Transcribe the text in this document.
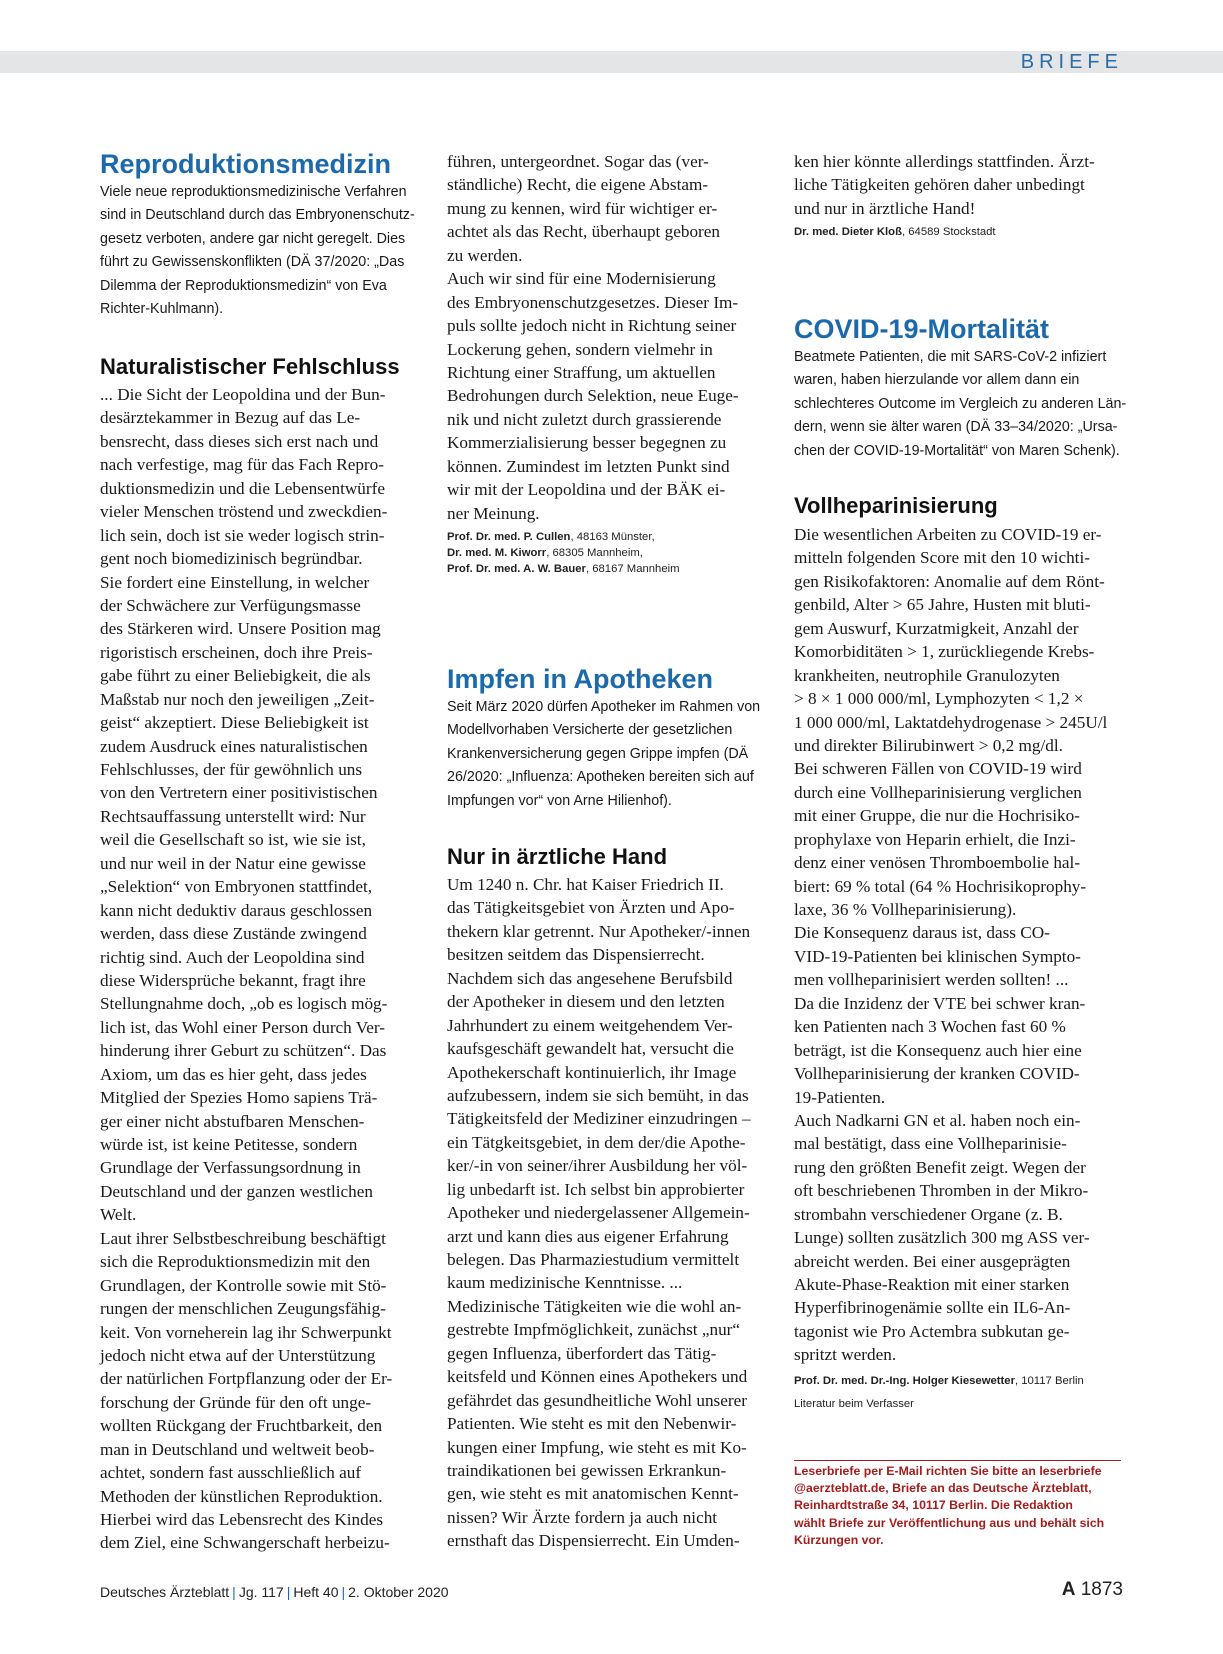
BRIEFE
Reproduktionsmedizin
Viele neue reproduktionsmedizinische Verfahren
sind in Deutschland durch das Embryonenschutz-
gesetz verboten, andere gar nicht geregelt. Dies
führt zu Gewissenskonflikten (DÄ 37/2020: „Das
Dilemma der Reproduktionsmedizin“ von Eva
Richter-Kuhlmann).
Naturalistischer Fehlschluss
... Die Sicht der Leopoldina und der Bun-
desärztekammer in Bezug auf das Le-
bensrecht, dass dieses sich erst nach und
nach verfestige, mag für das Fach Repro-
duktionsmedizin und die Lebensentwürfe
vieler Menschen tröstend und zweckdien-
lich sein, doch ist sie weder logisch strin-
gent noch biomedizinisch begründbar.
Sie fordert eine Einstellung, in welcher
der Schwächere zur Verfügungsmasse
des Stärkeren wird. Unsere Position mag
rigoristisch erscheinen, doch ihre Preis-
gabe führt zu einer Beliebigkeit, die als
Maßstab nur noch den jeweiligen „Zeit-
geist“ akzeptiert. Diese Beliebigkeit ist
zudem Ausdruck eines naturalistischen
Fehlschlusses, der für gewöhnlich uns
von den Vertretern einer positivistischen
Rechtsauffassung unterstellt wird: Nur
weil die Gesellschaft so ist, wie sie ist,
und nur weil in der Natur eine gewisse
„Selektion“ von Embryonen stattfindet,
kann nicht deduktiv daraus geschlossen
werden, dass diese Zustände zwingend
richtig sind. Auch der Leopoldina sind
diese Widersprüche bekannt, fragt ihre
Stellungnahme doch, „ob es logisch mög-
lich ist, das Wohl einer Person durch Ver-
hinderung ihrer Geburt zu schützen“. Das
Axiom, um das es hier geht, dass jedes
Mitglied der Spezies Homo sapiens Trä-
ger einer nicht abstufbaren Menschen-
würde ist, ist keine Petitesse, sondern
Grundlage der Verfassungsordnung in
Deutschland und der ganzen westlichen
Welt.
Laut ihrer Selbstbeschreibung beschäftigt
sich die Reproduktionsmedizin mit den
Grundlagen, der Kontrolle sowie mit Stö-
rungen der menschlichen Zeugungsfähig-
keit. Von vorneherein lag ihr Schwerpunkt
jedoch nicht etwa auf der Unterstützung
der natürlichen Fortpflanzung oder der Er-
forschung der Gründe für den oft unge-
wollten Rückgang der Fruchtbarkeit, den
man in Deutschland und weltweit beob-
achtet, sondern fast ausschließlich auf
Methoden der künstlichen Reproduktion.
Hierbei wird das Lebensrecht des Kindes
dem Ziel, eine Schwangerschaft herbeizu-
führen, untergeordnet. Sogar das (ver-
ständliche) Recht, die eigene Abstam-
mung zu kennen, wird für wichtiger er-
achtet als das Recht, überhaupt geboren
zu werden.
Auch wir sind für eine Modernisierung
des Embryonenschutzgesetzes. Dieser Im-
puls sollte jedoch nicht in Richtung seiner
Lockerung gehen, sondern vielmehr in
Richtung einer Straffung, um aktuellen
Bedrohungen durch Selektion, neue Euge-
nik und nicht zuletzt durch grassierende
Kommerzialisierung besser begegnen zu
können. Zumindest im letzten Punkt sind
wir mit der Leopoldina und der BÄK ei-
ner Meinung.
Prof. Dr. med. P. Cullen, 48163 Münster,
Dr. med. M. Kiworr, 68305 Mannheim,
Prof. Dr. med. A. W. Bauer, 68167 Mannheim
Impfen in Apotheken
Seit März 2020 dürfen Apotheker im Rahmen von
Modellvorhaben Versicherte der gesetzlichen
Krankenversicherung gegen Grippe impfen (DÄ
26/2020: „Influenza: Apotheken bereiten sich auf
Impfungen vor“ von Arne Hilienhof).
Nur in ärztliche Hand
Um 1240 n. Chr. hat Kaiser Friedrich II.
das Tätigkeitsgebiet von Ärzten und Apo-
thekern klar getrennt. Nur Apotheker/-innen
besitzen seitdem das Dispensierrecht.
Nachdem sich das angesehene Berufsbild
der Apotheker in diesem und den letzten
Jahrhundert zu einem weitgehendem Ver-
kaufsgeschäft gewandelt hat, versucht die
Apothekerschaft kontinuierlich, ihr Image
aufzubessern, indem sie sich bemüht, in das
Tätigkeitsfeld der Mediziner einzudringen –
ein Tätgkeitsgebiet, in dem der/die Apothe-
ker/-in von seiner/ihrer Ausbildung her völ-
lig unbedarft ist. Ich selbst bin approbierter
Apotheker und niedergelassener Allgemein-
arzt und kann dies aus eigener Erfahrung
belegen. Das Pharmaziestudium vermittelt
kaum medizinische Kenntnisse. ...
Medizinische Tätigkeiten wie die wohl an-
gestrebte Impfmöglichkeit, zunächst „nur“
gegen Influenza, überfordert das Tätig-
keitsfeld und Können eines Apothekers und
gefährdet das gesundheitliche Wohl unserer
Patienten. Wie steht es mit den Nebenwir-
kungen einer Impfung, wie steht es mit Ko-
traindikationen bei gewissen Erkrankun-
gen, wie steht es mit anatomischen Kennt-
nissen? Wir Ärzte fordern ja auch nicht
ernsthaft das Dispensierrecht. Ein Umden-
ken hier könnte allerdings stattfinden. Ärzt-
liche Tätigkeiten gehören daher unbedingt
und nur in ärztliche Hand!
Dr. med. Dieter Kloß, 64589 Stockstadt
COVID-19-Mortalität
Beatmete Patienten, die mit SARS-CoV-2 infiziert
waren, haben hierzulande vor allem dann ein
schlechteres Outcome im Vergleich zu anderen Län-
dern, wenn sie älter waren (DÄ 33–34/2020: „Ursa-
chen der COVID-19-Mortalität“ von Maren Schenk).
Vollheparinisierung
Die wesentlichen Arbeiten zu COVID-19 er-
mitteln folgenden Score mit den 10 wichti-
gen Risikofaktoren: Anomalie auf dem Rönt-
genbild, Alter > 65 Jahre, Husten mit bluti-
gem Auswurf, Kurzatmigkeit, Anzahl der
Komorbiditäten > 1, zurückliegende Krebs-
krankheiten, neutrophile Granulozyten
> 8 × 1 000 000/ml, Lymphozyten < 1,2 ×
1 000 000/ml, Laktatdehydrogenase > 245U/l
und direkter Bilirubinwert > 0,2 mg/dl.
Bei schweren Fällen von COVID-19 wird
durch eine Vollheparinisierung verglichen
mit einer Gruppe, die nur die Hochrisiko-
prophylaxe von Heparin erhielt, die Inzi-
denz einer venösen Thromboembolie hal-
biert: 69 % total (64 % Hochrisikoprophy-
laxe, 36 % Vollheparinisierung).
Die Konsequenz daraus ist, dass CO-
VID-19-Patienten bei klinischen Sympto-
men vollheparinisiert werden sollten! ...
Da die Inzidenz der VTE bei schwer kran-
ken Patienten nach 3 Wochen fast 60 %
beträgt, ist die Konsequenz auch hier eine
Vollheparinisierung der kranken COVID-
19-Patienten.
Auch Nadkarni GN et al. haben noch ein-
mal bestätigt, dass eine Vollheparinisie-
rung den größten Benefit zeigt. Wegen der
oft beschriebenen Thromben in der Mikro-
strombahn verschiedener Organe (z. B.
Lunge) sollten zusätzlich 300 mg ASS ver-
abreicht werden. Bei einer ausgeprägten
Akute-Phase-Reaktion mit einer starken
Hyperfibrinogenämie sollte ein IL6-An-
tagonist wie Pro Actembra subkutan ge-
spritzt werden.
Prof. Dr. med. Dr.-Ing. Holger Kiesewetter, 10117 Berlin
Literatur beim Verfasser
Leserbriefe per E-Mail richten Sie bitte an leserbriefe
@aerzteblatt.de, Briefe an das Deutsche Ärzteblatt,
Reinhardtstraße 34, 10117 Berlin. Die Redaktion
wählt Briefe zur Veröffentlichung aus und behält sich
Kürzungen vor.
Deutsches Ärzteblatt | Jg. 117 | Heft 40 | 2. Oktober 2020	A 1873
